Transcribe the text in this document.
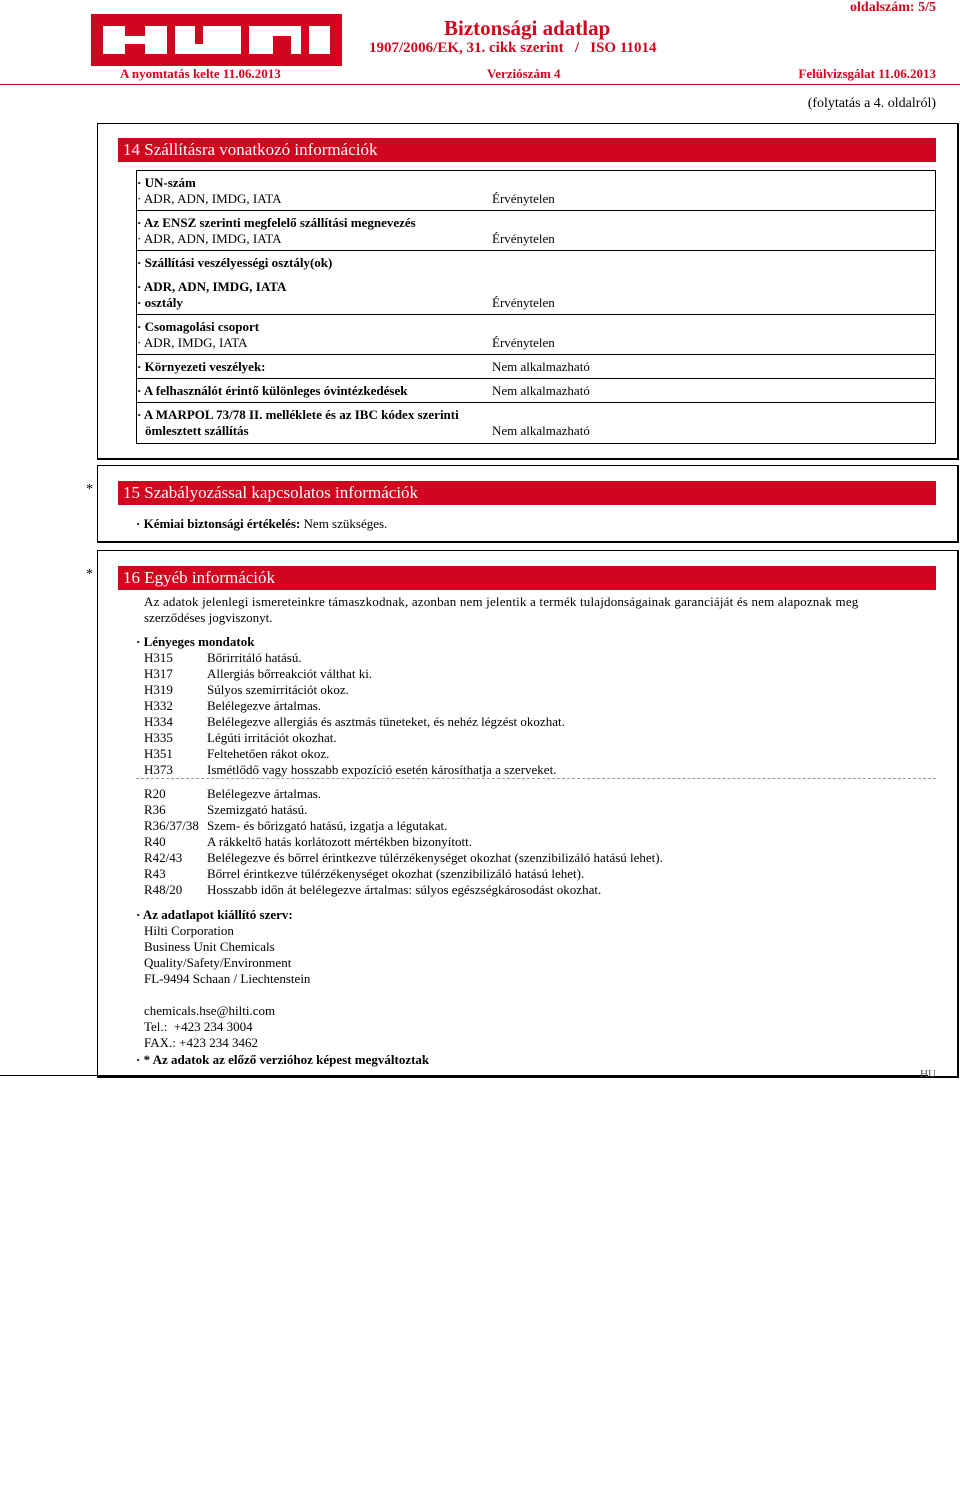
Biztonsági adatlap
1907/2006/EK, 31. cikk szerint   /   ISO 11014
oldalszám: 5/5
A nyomtatás kelte 11.06.2013	Verziószám 4	Felülvizsgálat 11.06.2013
(folytatás a 4. oldalról)
14 Szállításra vonatkozó információk
· UN-szám
· ADR, ADN, IMDG, IATA	Érvénytelen
· Az ENSZ szerinti megfelelő szállítási megnevezés
· ADR, ADN, IMDG, IATA	Érvénytelen
· Szállítási veszélyességi osztály(ok)
· ADR, ADN, IMDG, IATA
· osztály	Érvénytelen
· Csomagolási csoport
· ADR, IMDG, IATA	Érvénytelen
· Környezeti veszélyek:	Nem alkalmazható
· A felhasználót érintő különleges óvintézkedések	Nem alkalmazható
· A MARPOL 73/78 II. melléklete és az IBC kódex szerinti
ömlesztett szállítás	Nem alkalmazható
* 15 Szabályozással kapcsolatos információk
· Kémiai biztonsági értékelés: Nem szükséges.
* 16 Egyéb információk
Az adatok jelenlegi ismereteinkre támaszkodnak, azonban nem jelentik a termék tulajdonságainak garanciáját és nem alapoznak meg
szerződéses jogviszonyt.
· Lényeges mondatok
H315	Bőrirritáló hatású.
H317	Allergiás bőrreakciót válthat ki.
H319	Súlyos szemirritációt okoz.
H332	Belélegezve ártalmas.
H334	Belélegezve allergiás és asztmás tüneteket, és nehéz légzést okozhat.
H335	Légúti irritációt okozhat.
H351	Feltehetően rákot okoz.
H373	Ismétlődő vagy hosszabb expozíció esetén károsíthatja a szerveket.
R20	Belélegezve ártalmas.
R36	Szemizgató hatású.
R36/37/38 Szem- és bőrizgató hatású, izgatja a légutakat.
R40	A rákkeltő hatás korlátozott mértékben bizonyított.
R42/43 Belélegezve és bőrrel érintkezve túlérzékenységet okozhat (szenzibilizáló hatású lehet).
R43	Bőrrel érintkezve túlérzékenységet okozhat (szenzibilizáló hatású lehet).
R48/20 Hosszabb időn át belélegezve ártalmas: súlyos egészségkárosodást okozhat.
· Az adatlapot kiállító szerv:
Hilti Corporation
Business Unit Chemicals
Quality/Safety/Environment
FL-9494 Schaan / Liechtenstein
chemicals.hse@hilti.com
Tel.:  +423 234 3004
FAX.: +423 234 3462
· * Az adatok az előző verzióhoz képest megváltoztak
HU
